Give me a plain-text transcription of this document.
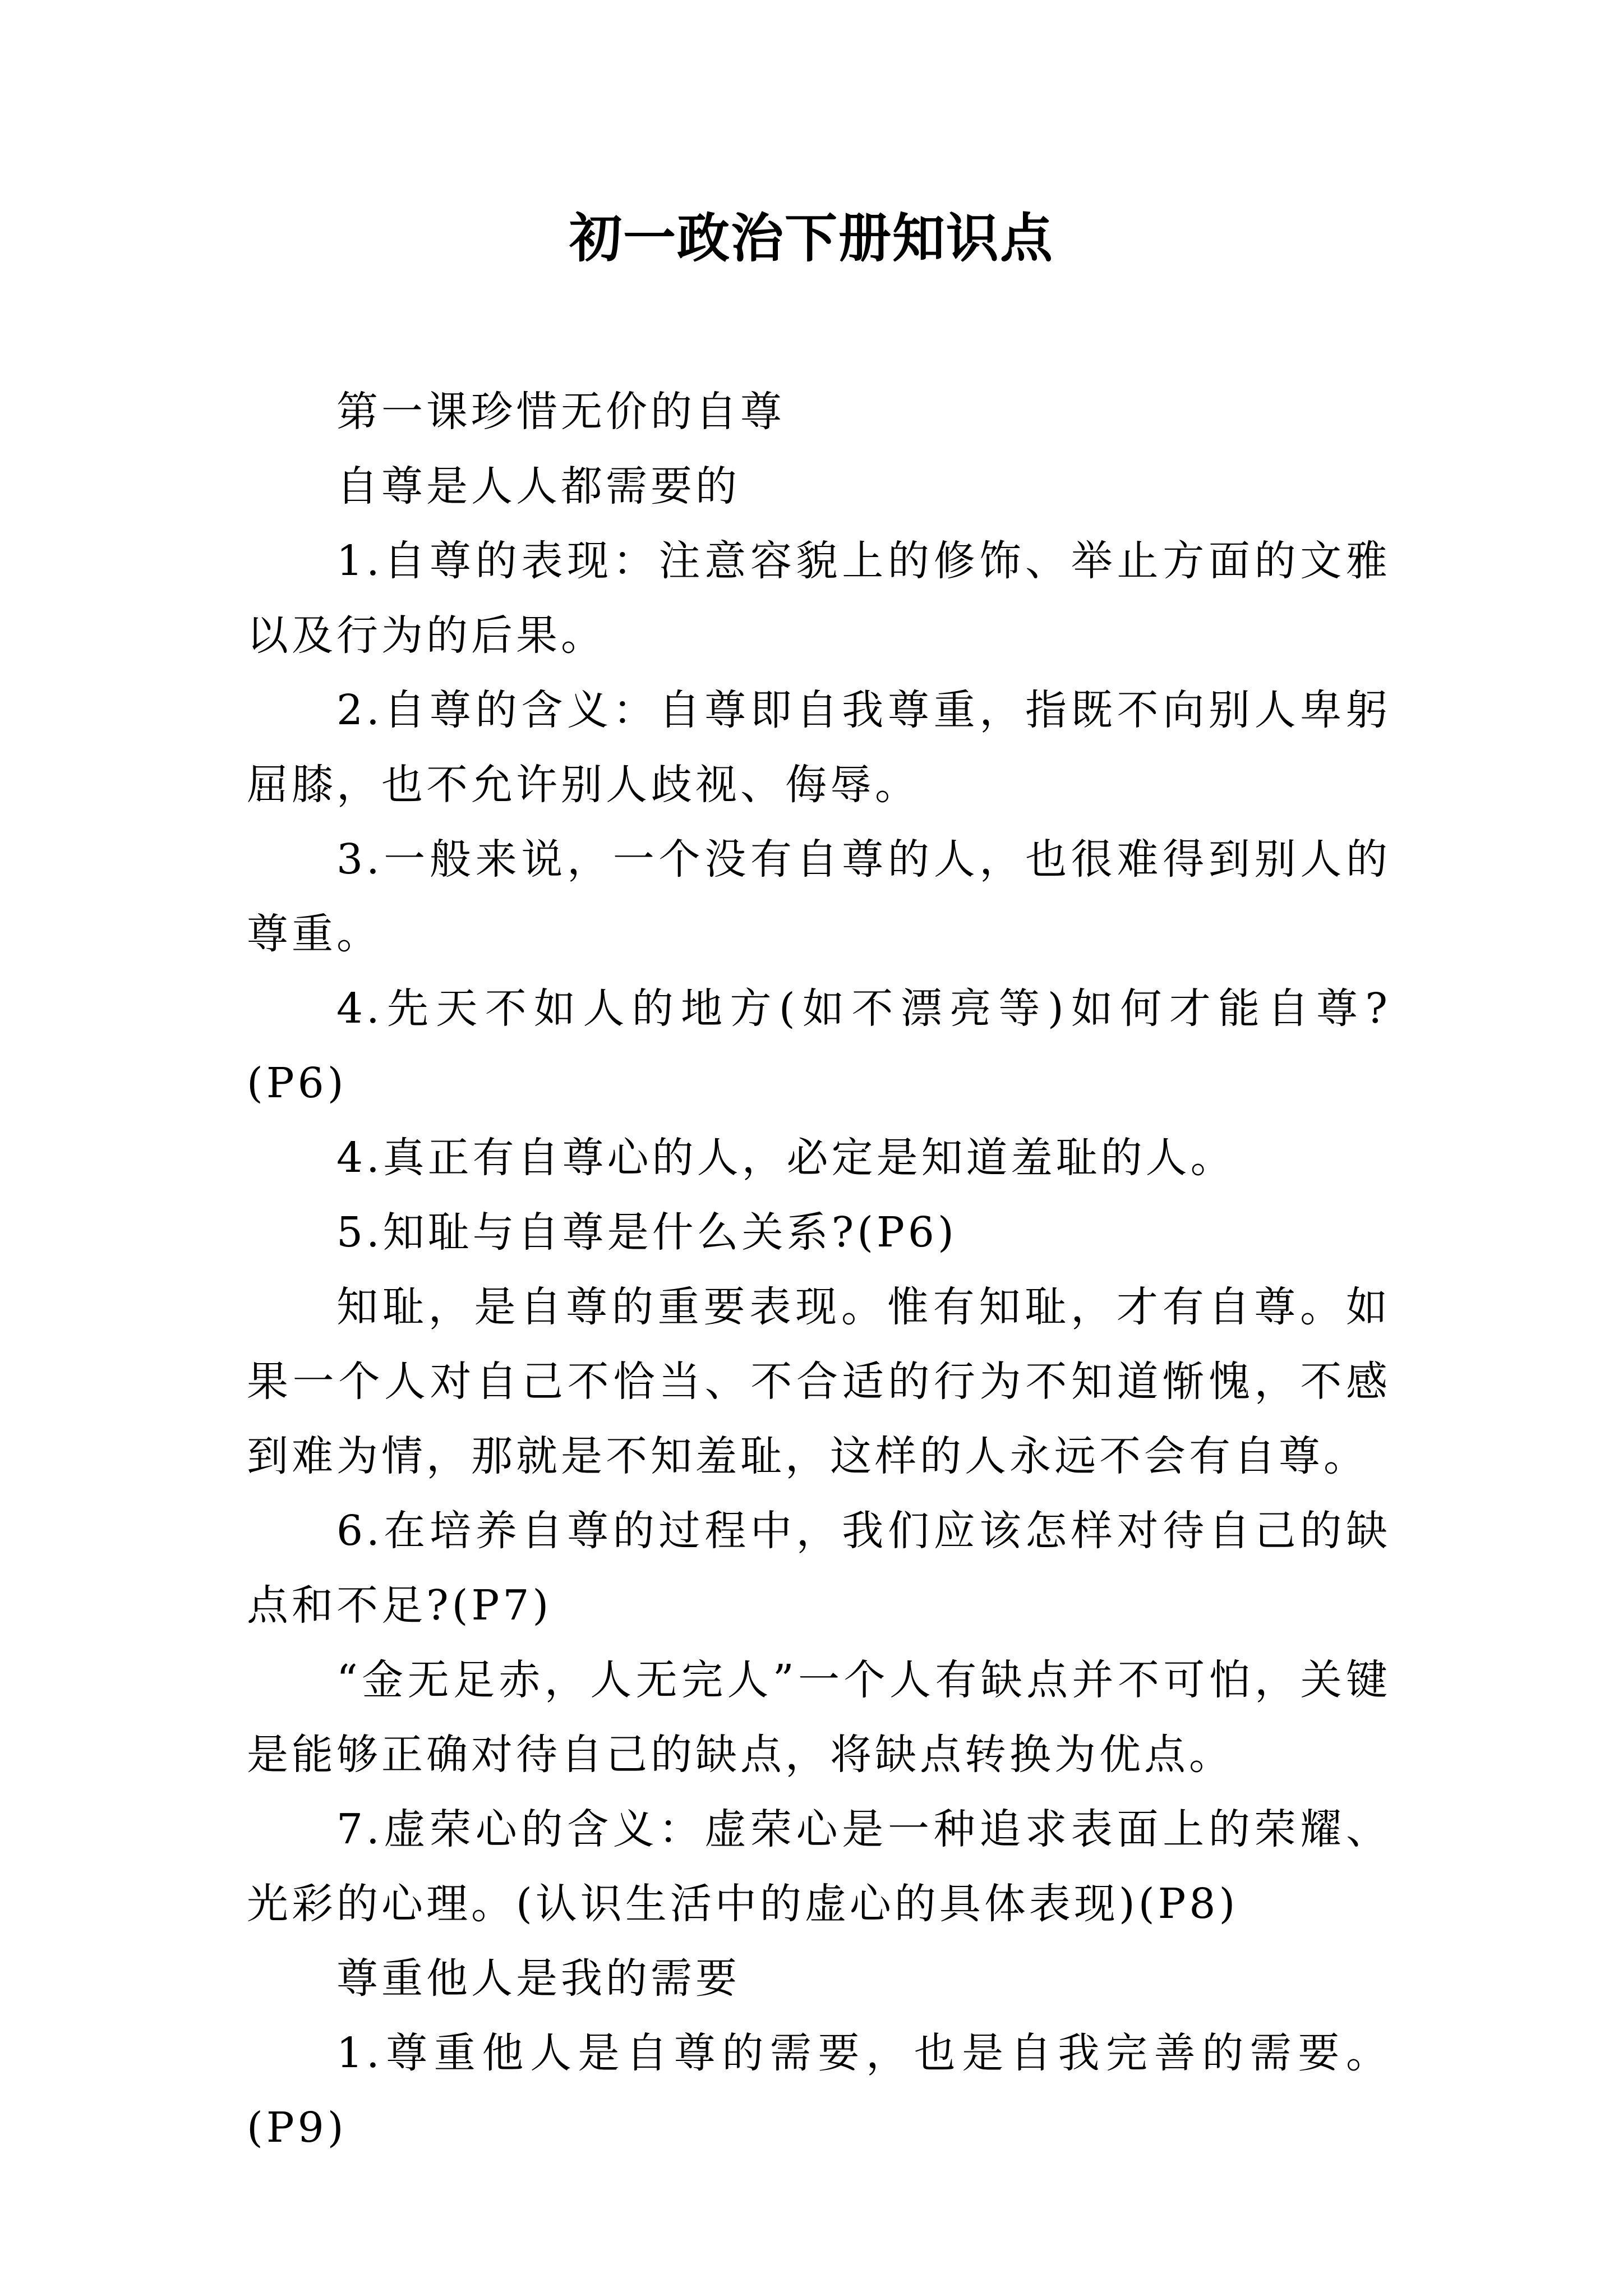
初一政治下册知识点

第一课珍惜无价的自尊

自尊是人人都需要的

1.自尊的表现：注意容貌上的修饰、举止方面的文雅以及行为的后果。

2.自尊的含义：自尊即自我尊重，指既不向别人卑躬屈膝，也不允许别人歧视、侮辱。

3.一般来说，一个没有自尊的人，也很难得到别人的尊重。

4.先天不如人的地方(如不漂亮等)如何才能自尊?(P6)

4.真正有自尊心的人，必定是知道羞耻的人。

5.知耻与自尊是什么关系?(P6)

知耻，是自尊的重要表现。惟有知耻，才有自尊。如果一个人对自己不恰当、不合适的行为不知道惭愧，不感到难为情，那就是不知羞耻，这样的人永远不会有自尊。

6.在培养自尊的过程中，我们应该怎样对待自己的缺点和不足?(P7)

“金无足赤，人无完人”一个人有缺点并不可怕，关键是能够正确对待自己的缺点，将缺点转换为优点。

7.虚荣心的含义：虚荣心是一种追求表面上的荣耀、光彩的心理。(认识生活中的虚心的具体表现)(P8)

尊重他人是我的需要

1.尊重他人是自尊的需要，也是自我完善的需要。(P9)
